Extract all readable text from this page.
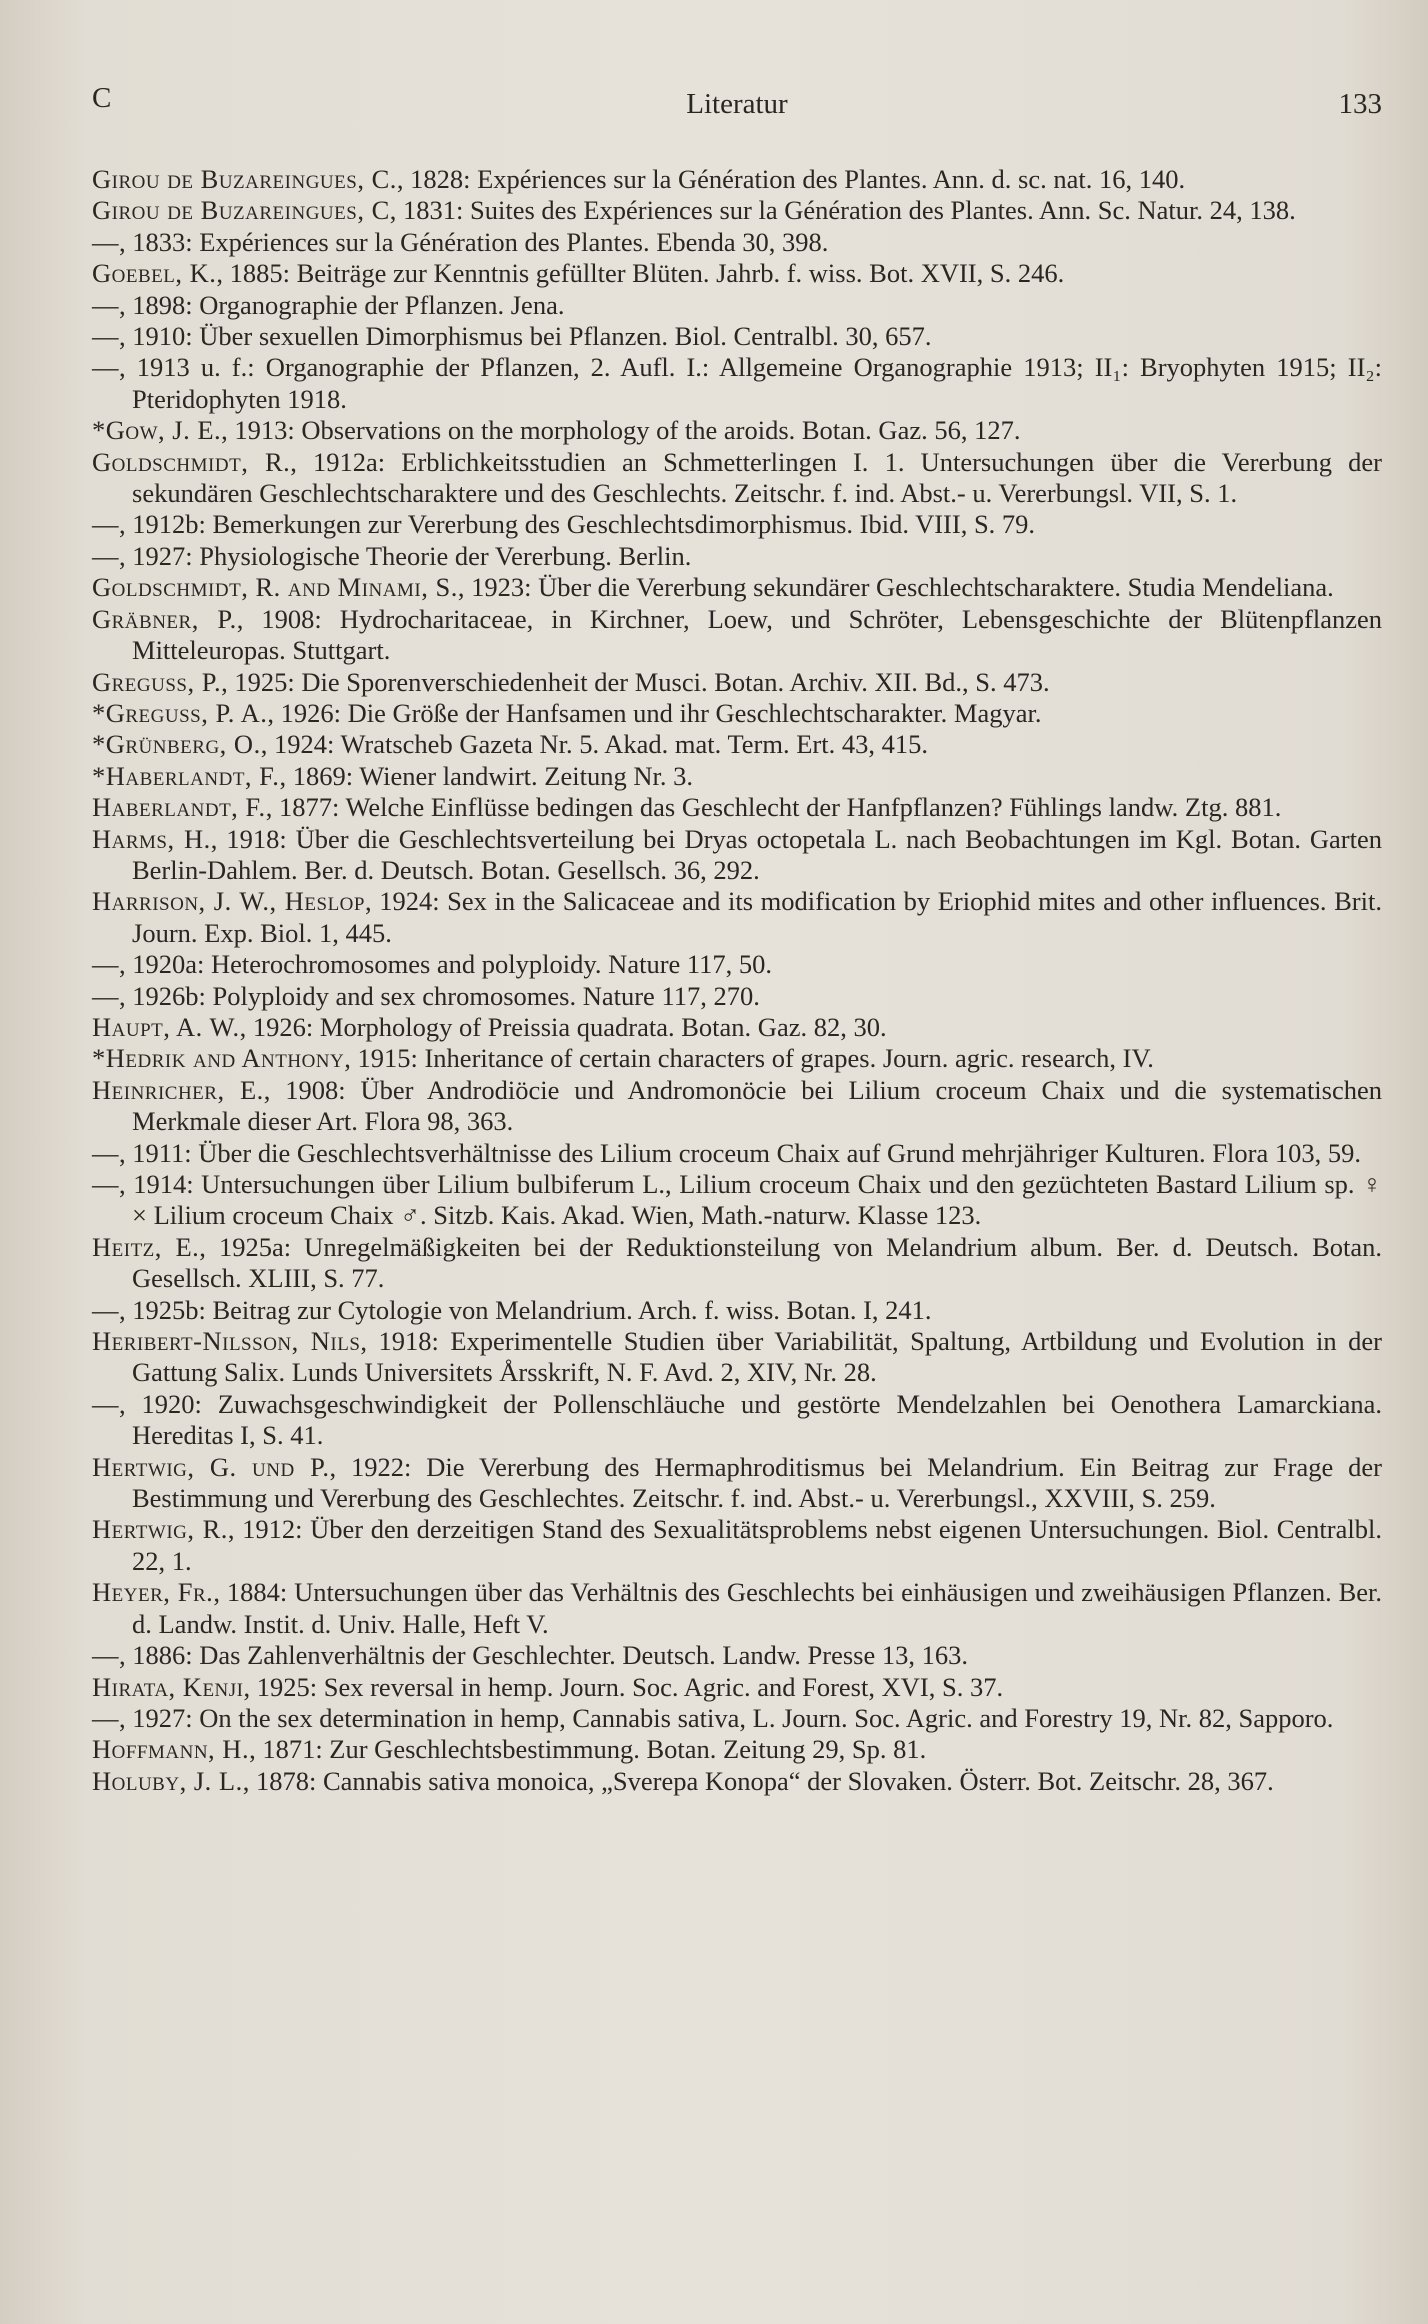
C	Literatur	133
Girou de Buzareingues, C., 1828: Expériences sur la Génération des Plantes. Ann. d. sc. nat. 16, 140.
Girou de Buzareingues, C, 1831: Suites des Expériences sur la Génération des Plantes. Ann. Sc. Natur. 24, 138.
—, 1833: Expériences sur la Génération des Plantes. Ebenda 30, 398.
Goebel, K., 1885: Beiträge zur Kenntnis gefüllter Blüten. Jahrb. f. wiss. Bot. XVII, S. 246.
—, 1898: Organographie der Pflanzen. Jena.
—, 1910: Über sexuellen Dimorphismus bei Pflanzen. Biol. Centralbl. 30, 657.
—, 1913 u. f.: Organographie der Pflanzen, 2. Aufl. I.: Allgemeine Organographie 1913; II₁: Bryophyten 1915; II₂: Pteridophyten 1918.
*Gow, J. E., 1913: Observations on the morphology of the aroids. Botan. Gaz. 56, 127.
Goldschmidt, R., 1912a: Erblichkeitsstudien an Schmetterlingen I. 1. Untersuchungen über die Vererbung der sekundären Geschlechtscharaktere und des Geschlechts. Zeitschr. f. ind. Abst.- u. Vererbungsl. VII, S. 1.
—, 1912b: Bemerkungen zur Vererbung des Geschlechtsdimorphismus. Ibid. VIII, S. 79.
—, 1927: Physiologische Theorie der Vererbung. Berlin.
Goldschmidt, R. and Minami, S., 1923: Über die Vererbung sekundärer Geschlechtscharaktere. Studia Mendeliana.
Gräbner, P., 1908: Hydrocharitaceae, in Kirchner, Loew, und Schröter, Lebensgeschichte der Blütenpflanzen Mitteleuropas. Stuttgart.
Greguss, P., 1925: Die Sporenverschiedenheit der Musci. Botan. Archiv. XII. Bd., S. 473.
*Greguss, P. A., 1926: Die Größe der Hanfsamen und ihr Geschlechtscharakter. Magyar.
*Grünberg, O., 1924: Wratscheb Gazeta Nr. 5. Akad. mat. Term. Ert. 43, 415.
*Haberlandt, F., 1869: Wiener landwirt. Zeitung Nr. 3.
Haberlandt, F., 1877: Welche Einflüsse bedingen das Geschlecht der Hanfpflanzen? Fühlings landw. Ztg. 881.
Harms, H., 1918: Über die Geschlechtsverteilung bei Dryas octopetala L. nach Beobachtungen im Kgl. Botan. Garten Berlin-Dahlem. Ber. d. Deutsch. Botan. Gesellsch. 36, 292.
Harrison, J. W., Heslop, 1924: Sex in the Salicaceae and its modification by Eriophid mites and other influences. Brit. Journ. Exp. Biol. 1, 445.
—, 1920a: Heterochromosomes and polyploidy. Nature 117, 50.
—, 1926b: Polyploidy and sex chromosomes. Nature 117, 270.
Haupt, A. W., 1926: Morphology of Preissia quadrata. Botan. Gaz. 82, 30.
*Hedrik and Anthony, 1915: Inheritance of certain characters of grapes. Journ. agric. research, IV.
Heinricher, E., 1908: Über Androdiöcie und Andromonöcie bei Lilium croceum Chaix und die systematischen Merkmale dieser Art. Flora 98, 363.
—, 1911: Über die Geschlechtsverhältnisse des Lilium croceum Chaix auf Grund mehrjähriger Kulturen. Flora 103, 59.
—, 1914: Untersuchungen über Lilium bulbiferum L., Lilium croceum Chaix und den gezüchteten Bastard Lilium sp. ♀ × Lilium croceum Chaix ♂. Sitzb. Kais. Akad. Wien, Math.-naturw. Klasse 123.
Heitz, E., 1925a: Unregelmäßigkeiten bei der Reduktionsteilung von Melandrium album. Ber. d. Deutsch. Botan. Gesellsch. XLIII, S. 77.
—, 1925b: Beitrag zur Cytologie von Melandrium. Arch. f. wiss. Botan. I, 241.
Heribert-Nilsson, Nils, 1918: Experimentelle Studien über Variabilität, Spaltung, Artbildung und Evolution in der Gattung Salix. Lunds Universitets Årsskrift, N. F. Avd. 2, XIV, Nr. 28.
—, 1920: Zuwachsgeschwindigkeit der Pollenschläuche und gestörte Mendelzahlen bei Oenothera Lamarckiana. Hereditas I, S. 41.
Hertwig, G. und P., 1922: Die Vererbung des Hermaphroditismus bei Melandrium. Ein Beitrag zur Frage der Bestimmung und Vererbung des Geschlechtes. Zeitschr. f. ind. Abst.- u. Vererbungsl., XXVIII, S. 259.
Hertwig, R., 1912: Über den derzeitigen Stand des Sexualitätsproblems nebst eigenen Untersuchungen. Biol. Centralbl. 22, 1.
Heyer, Fr., 1884: Untersuchungen über das Verhältnis des Geschlechts bei einhäusigen und zweihäusigen Pflanzen. Ber. d. Landw. Instit. d. Univ. Halle, Heft V.
—, 1886: Das Zahlenverhältnis der Geschlechter. Deutsch. Landw. Presse 13, 163.
Hirata, Kenji, 1925: Sex reversal in hemp. Journ. Soc. Agric. and Forest, XVI, S. 37.
—, 1927: On the sex determination in hemp, Cannabis sativa, L. Journ. Soc. Agric. and Forestry 19, Nr. 82, Sapporo.
Hoffmann, H., 1871: Zur Geschlechtsbestimmung. Botan. Zeitung 29, Sp. 81.
Holuby, J. L., 1878: Cannabis sativa monoica, „Sverepa Konopa“ der Slovaken. Österr. Bot. Zeitschr. 28, 367.
